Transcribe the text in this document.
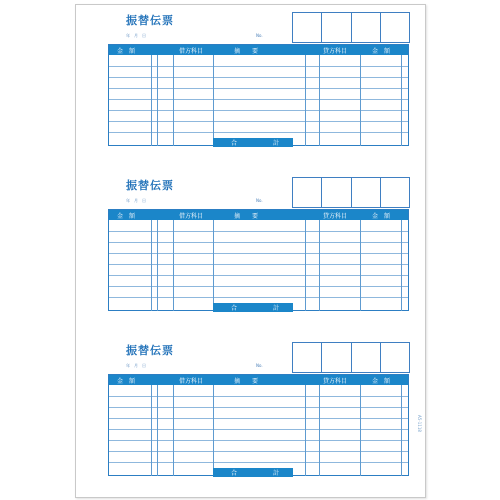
振替伝票
年　月　日	No.
金　額	借方科目	摘　　要	貸方科目	金　額
合	計
振替伝票
年　月　日	No.
金　額	借方科目	摘　　要	貸方科目	金　額
合	計
振替伝票
年　月　日	No.
金　額	借方科目	摘　　要	貸方科目	金　額
合	計
A5-1118
